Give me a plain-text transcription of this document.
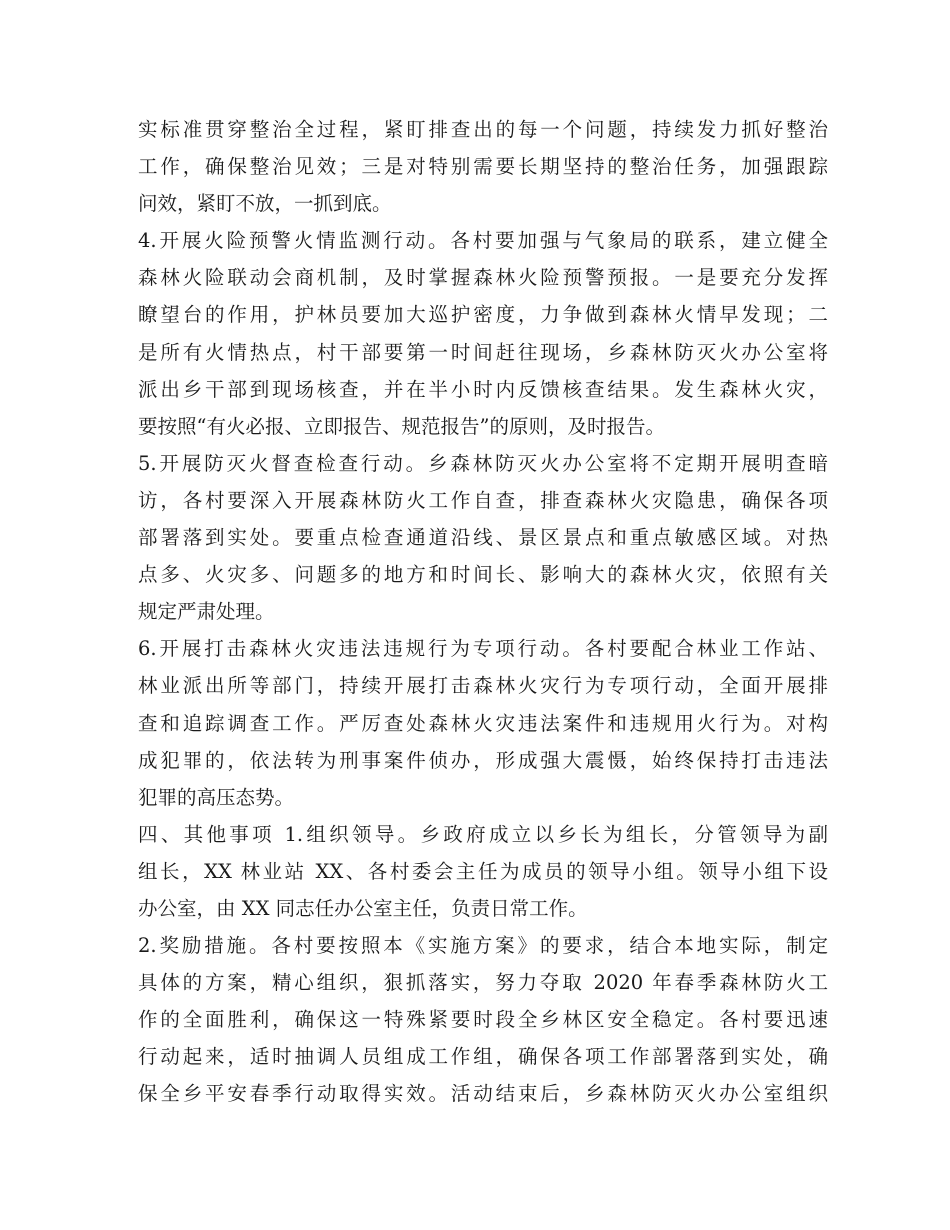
实标准贯穿整治全过程，紧盯排查出的每一个问题，持续发力抓好整治
工作，确保整治见效；三是对特别需要长期坚持的整治任务，加强跟踪
问效，紧盯不放，一抓到底。
4.开展火险预警火情监测行动。各村要加强与气象局的联系，建立健全
森林火险联动会商机制，及时掌握森林火险预警预报。一是要充分发挥
瞭望台的作用，护林员要加大巡护密度，力争做到森林火情早发现；二
是所有火情热点，村干部要第一时间赶往现场，乡森林防灭火办公室将
派出乡干部到现场核查，并在半小时内反馈核查结果。发生森林火灾，
要按照“有火必报、立即报告、规范报告”的原则，及时报告。
5.开展防灭火督查检查行动。乡森林防灭火办公室将不定期开展明查暗
访，各村要深入开展森林防火工作自查，排查森林火灾隐患，确保各项
部署落到实处。要重点检查通道沿线、景区景点和重点敏感区域。对热
点多、火灾多、问题多的地方和时间长、影响大的森林火灾，依照有关
规定严肃处理。
6.开展打击森林火灾违法违规行为专项行动。各村要配合林业工作站、
林业派出所等部门，持续开展打击森林火灾行为专项行动，全面开展排
查和追踪调查工作。严厉查处森林火灾违法案件和违规用火行为。对构
成犯罪的，依法转为刑事案件侦办，形成强大震慑，始终保持打击违法
犯罪的高压态势。
四、其他事项 1.组织领导。乡政府成立以乡长为组长，分管领导为副
组长，XX 林业站 XX、各村委会主任为成员的领导小组。领导小组下设
办公室，由 XX 同志任办公室主任，负责日常工作。
2.奖励措施。各村要按照本《实施方案》的要求，结合本地实际，制定
具体的方案，精心组织，狠抓落实，努力夺取 2020 年春季森林防火工
作的全面胜利，确保这一特殊紧要时段全乡林区安全稳定。各村要迅速
行动起来，适时抽调人员组成工作组，确保各项工作部署落到实处，确
保全乡平安春季行动取得实效。活动结束后，乡森林防灭火办公室组织
